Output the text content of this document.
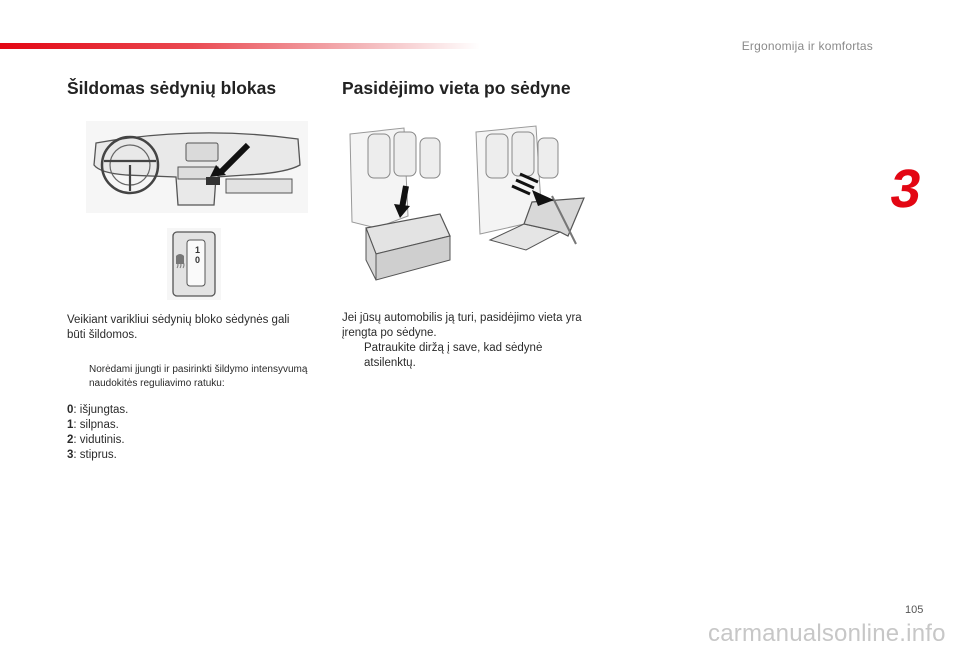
Ergonomija ir komfortas
3
Šildomas sėdynių blokas	Pasidėjimo vieta po sėdyne
1
0
Veikiant varikliui sėdynių bloko sėdynės gali būti šildomos.
Norėdami įjungti ir pasirinkti šildymo intensyvumą naudokitės reguliavimo ratuku:
0: išjungtas.
1: silpnas.
2: vidutinis.
3: stiprus.
Jei jūsų automobilis ją turi, pasidėjimo vieta yra įrengta po sėdyne.
Patraukite diržą į save, kad sėdynė atsilenktų.
105
carmanualsonline.info
